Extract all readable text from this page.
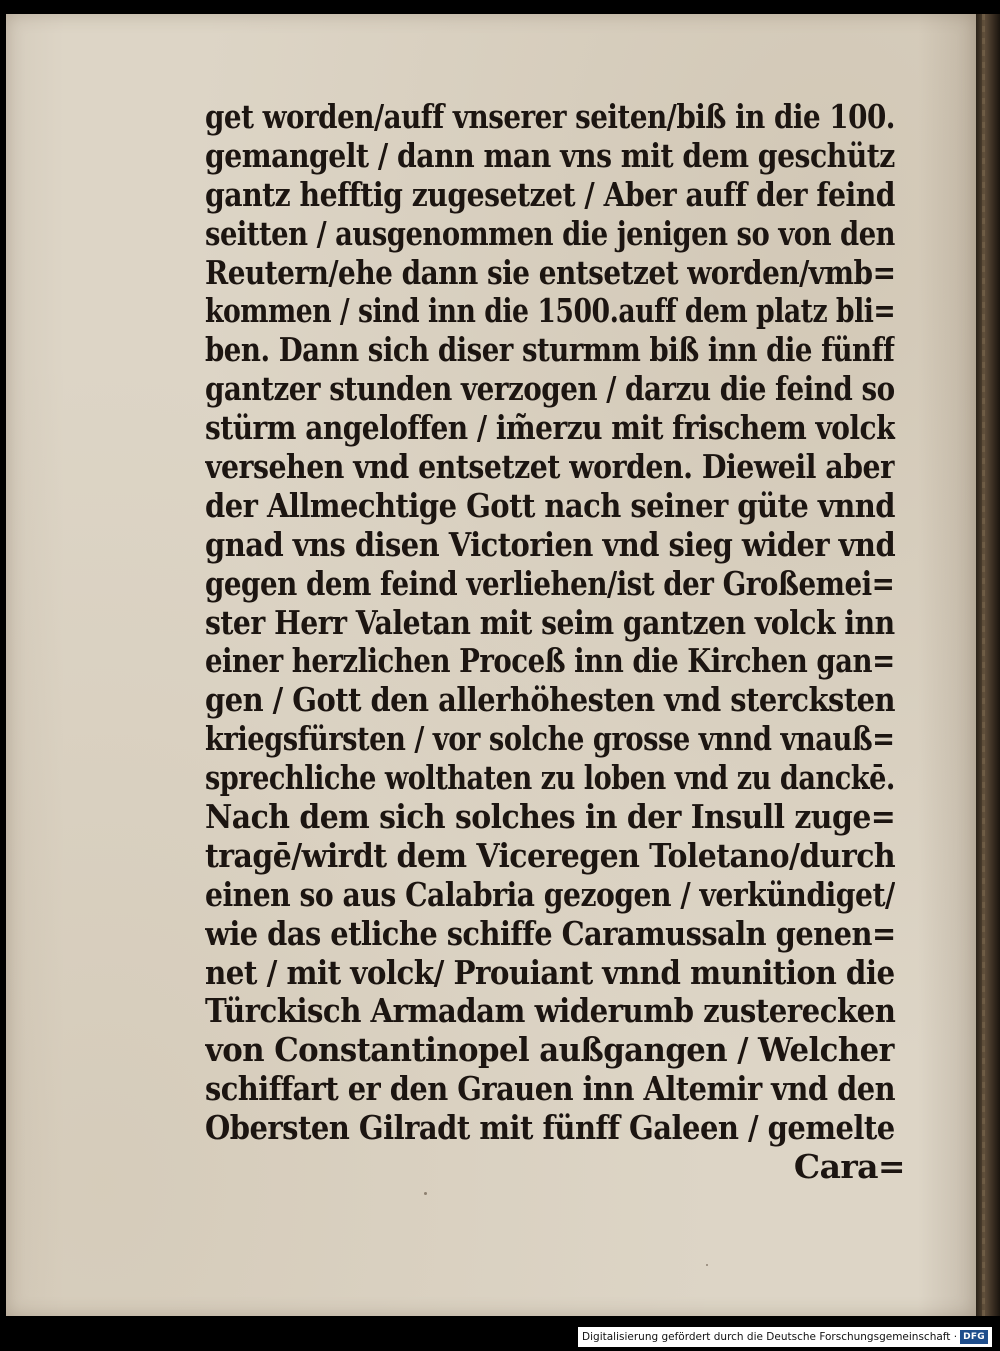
get worden/auff vnserer seiten/biß in die 100.
gemangelt / dann man vns mit dem geschütz
gantz hefftig zugesetzet / Aber auff der feind
seitten / ausgenommen die jenigen so von den
Reutern/ehe dann sie entsetzet worden/vmb=
kommen / sind inn die 1500.auff dem platz bli=
ben. Dann sich diser sturmm biß inn die fünff
gantzer stunden verzogen / darzu die feind so
stürm angeloffen / im̃erzu mit frischem volck
versehen vnd entsetzet worden. Dieweil aber
der Allmechtige Gott nach seiner güte vnnd
gnad vns disen Victorien vnd sieg wider vnd
gegen dem feind verliehen/ist der Großemei=
ster Herr Valetan mit seim gantzen volck inn
einer herzlichen Proceß inn die Kirchen gan=
gen / Gott den allerhöhesten vnd stercksten
kriegsfürsten / vor solche grosse vnnd vnauß=
sprechliche wolthaten zu loben vnd zu danckē.
Nach dem sich solches in der Insull zuge=
tragē/wirdt dem Viceregen Toletano/durch
einen so aus Calabria gezogen / verkündiget/
wie das etliche schiffe Caramussaln genen=
net / mit volck/ Prouiant vnnd munition die
Türckisch Armadam widerumb zusterecken
von Constantinopel außgangen / Welcher
schiffart er den Grauen inn Altemir vnd den
Obersten Gilradt mit fünff Galeen / gemelte
Cara=
Digitalisierung gefördert durch die Deutsche Forschungsgemeinschaft · DFG
